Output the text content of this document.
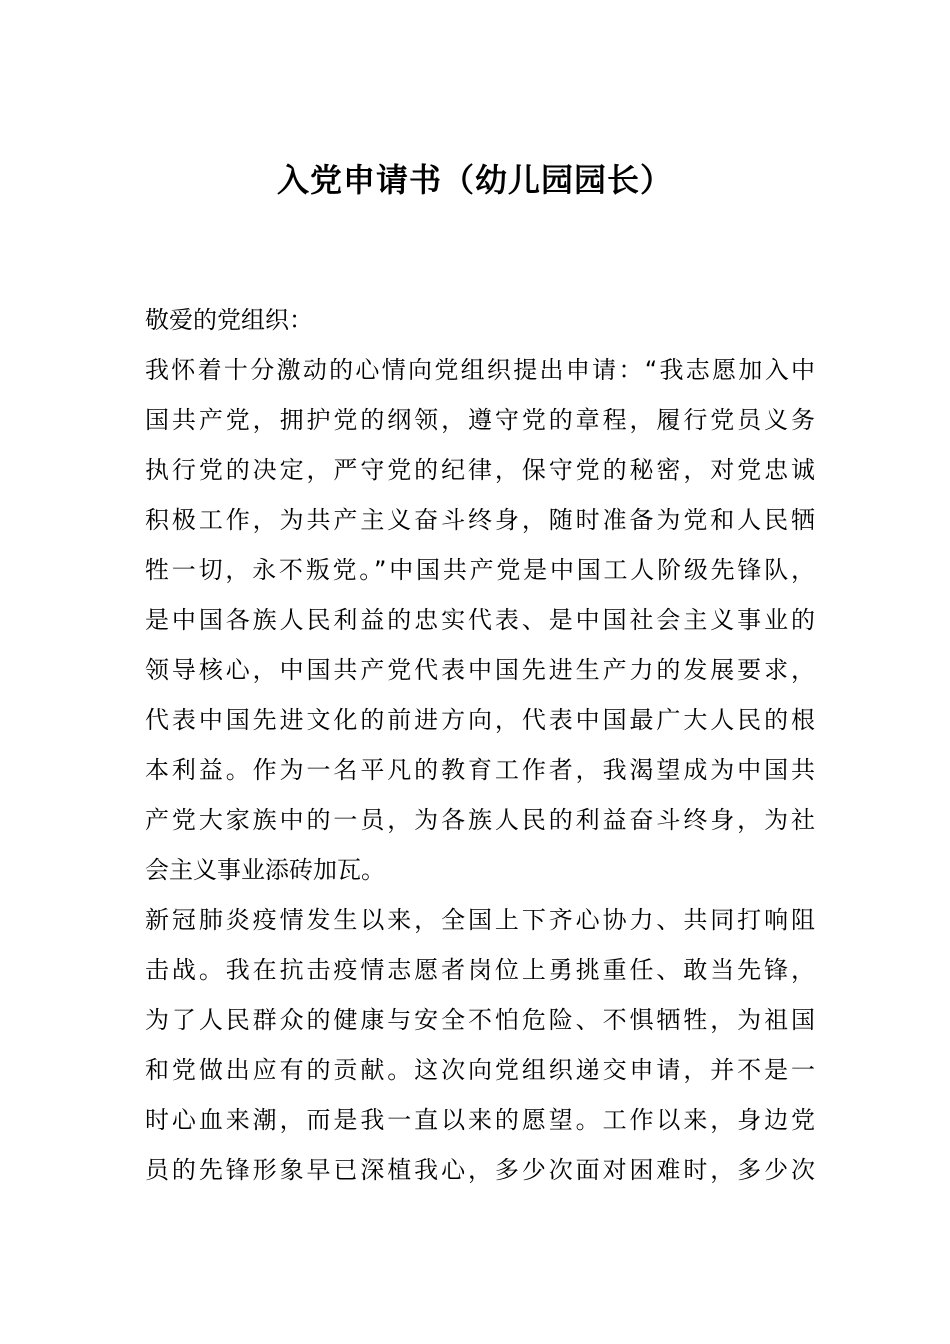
入党申请书（幼儿园园长）
敬爱的党组织：
我怀着十分激动的心情向党组织提出申请：“我志愿加入中
国共产党，拥护党的纲领，遵守党的章程，履行党员义务
执行党的决定，严守党的纪律，保守党的秘密，对党忠诚
积极工作，为共产主义奋斗终身，随时准备为党和人民牺
牲一切，永不叛党。”中国共产党是中国工人阶级先锋队，
是中国各族人民利益的忠实代表、是中国社会主义事业的
领导核心，中国共产党代表中国先进生产力的发展要求，
代表中国先进文化的前进方向，代表中国最广大人民的根
本利益。作为一名平凡的教育工作者，我渴望成为中国共
产党大家族中的一员，为各族人民的利益奋斗终身，为社
会主义事业添砖加瓦。
新冠肺炎疫情发生以来，全国上下齐心协力、共同打响阻
击战。我在抗击疫情志愿者岗位上勇挑重任、敢当先锋，
为了人民群众的健康与安全不怕危险、不惧牺牲，为祖国
和党做出应有的贡献。这次向党组织递交申请，并不是一
时心血来潮，而是我一直以来的愿望。工作以来，身边党
员的先锋形象早已深植我心，多少次面对困难时，多少次
